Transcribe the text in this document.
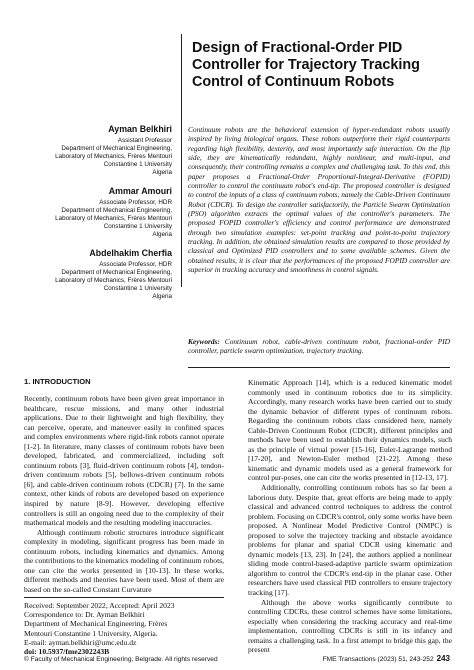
Design of Fractional-Order PID
Controller for Trajectory Tracking
Control of Continuum Robots
Ayman Belkhiri
Assistant Professor
Department of Mechanical Engineering,
Laboratory of Mechanics, Frères Mentouri
Constantine 1 University
Algeria
Ammar Amouri
Associate Professor, HDR
Department of Mechanical Engineering,
Laboratory of Mechanics, Frères Mentouri
Constantine 1 University
Algeria
Abdelhakim Cherfia
Associate Professor, HDR
Department of Mechanical Engineering,
Laboratory of Mechanics, Frères Mentouri
Constantine 1 University
Algeria

Continuum robots are the behavioral extension of hyper-redundant robots usually inspired by living biological organs. These robots outperform their rigid counterparts regarding high flexibility, dexterity, and most importantly safe interaction. On the flip side, they are kinematically redundant, highly nonlinear, and multi-input, and consequently, their controlling remains a complex and challenging task. To this end, this paper proposes a Fractional-Order Proportional-Integral-Derivative (FOPID) controller to control the continuum robot's end-tip. The proposed controller is designed to control the inputs of a class of continuum robots, namely the Cable-Driven Continuum Robot (CDCR). To design the controller satisfactorily, the Particle Swarm Optimization (PSO) algorithm extracts the optimal values of the controller's parameters. The proposed FOPID controller's efficiency and control performance are demonstrated through two simulation examples: set-point tracking and point-to-point trajectory tracking. In addition, the obtained simulation results are compared to those provided by classical and Optimized PID controllers and to some available schemes. Given the obtained results, it is clear that the performances of the proposed FOPID controller are superior in tracking accuracy and smoothness in control signals.

Keywords: Continuum robot, cable-driven continuum robot, fractional-order PID controller, particle swarm optimization, trajectory tracking.

1. INTRODUCTION

Recently, continuum robots have been given great importance in healthcare, rescue missions, and many other industrial applications. Due to their lightweight and high flexibility, they can perceive, operate, and maneuver easily in confined spaces and complex environments where rigid-link robots cannot operate [1-2]. In literature, many classes of continuum robots have been developed, fabricated, and commercialized, including soft continuum robots [3], fluid-driven continuum robots [4], tendon-driven continuum robots [5], bellows-driven continuum robots [6], and cable-driven continuum robots (CDCR) [7]. In the same context, other kinds of robots are developed based on experience inspired by nature [8-9]. However, developing effective controllers is still an ongoing need due to the complexity of their mathematical models and the resulting modeling inaccuracies.

Although continuum robotic structures introduce significant complexity in modeling, significant progress has been made in continuum robots, including kinematics and dynamics. Among the contributions to the kinematics modeling of continuum robots, one can cite the works presented in [10-13]. In these works, different methods and theories have been used. Most of them are based on the so-called Constant Curvature

Kinematic Approach [14], which is a reduced kinematic model commonly used in continuum robotics due to its simplicity. Accordingly, many research works have been carried out to study the dynamic behavior of different types of continuum robots. Regarding the continuum robots class considered here, namely Cable-Driven Continuum Robot (CDCR), different principles and methods have been used to establish their dynamics models, such as the principle of virtual power [15-16], Euler-Lagrange method [17-20], and Newton-Euler method [21-22]. Among these kinematic and dynamic models used as a general framework for control pur-poses, one can cite the works presented in [12-13, 17].

Additionally, controlling continuum robots has so far been a laborious duty. Despite that, great efforts are being made to apply classical and advanced control techniques to address the control problem. Focusing on CDCR's control, only some works have been proposed. A Nonlinear Model Predictive Control (NMPC) is proposed to solve the trajectory tracking and obstacle avoidance problems for planar and spatial CDCR using kinematic and dynamic models [13, 23]. In [24], the authors applied a nonlinear sliding mode control-based-adaptive particle swarm optimization algorithm to control the CDCR's end-tip in the planar case. Other researchers have used classical PID controllers to ensure trajectory tracking [17].

Although the above works significantly contribute to controlling CDCRs, these control schemes have some limitations, especially when considering the tracking accuracy and real-time implementation, controlling CDCRs is still in its infancy and remains a challenging task. In a first attempt to bridge this gap, the present

Received: September 2022, Accepted: April 2023
Correspondence to: Dr. Ayman Belkhiri
Department of Mechanical Engineering, Frères
Mentouri Constantine 1 University, Algeria.
E-mail: ayman.belkhiri@umc.edu.dz
doi: 10.5937/fme2302243B
© Faculty of Mechanical Engineering, Belgrade. All rights reserved	FME Transactions (2023) 51, 243-252 243
